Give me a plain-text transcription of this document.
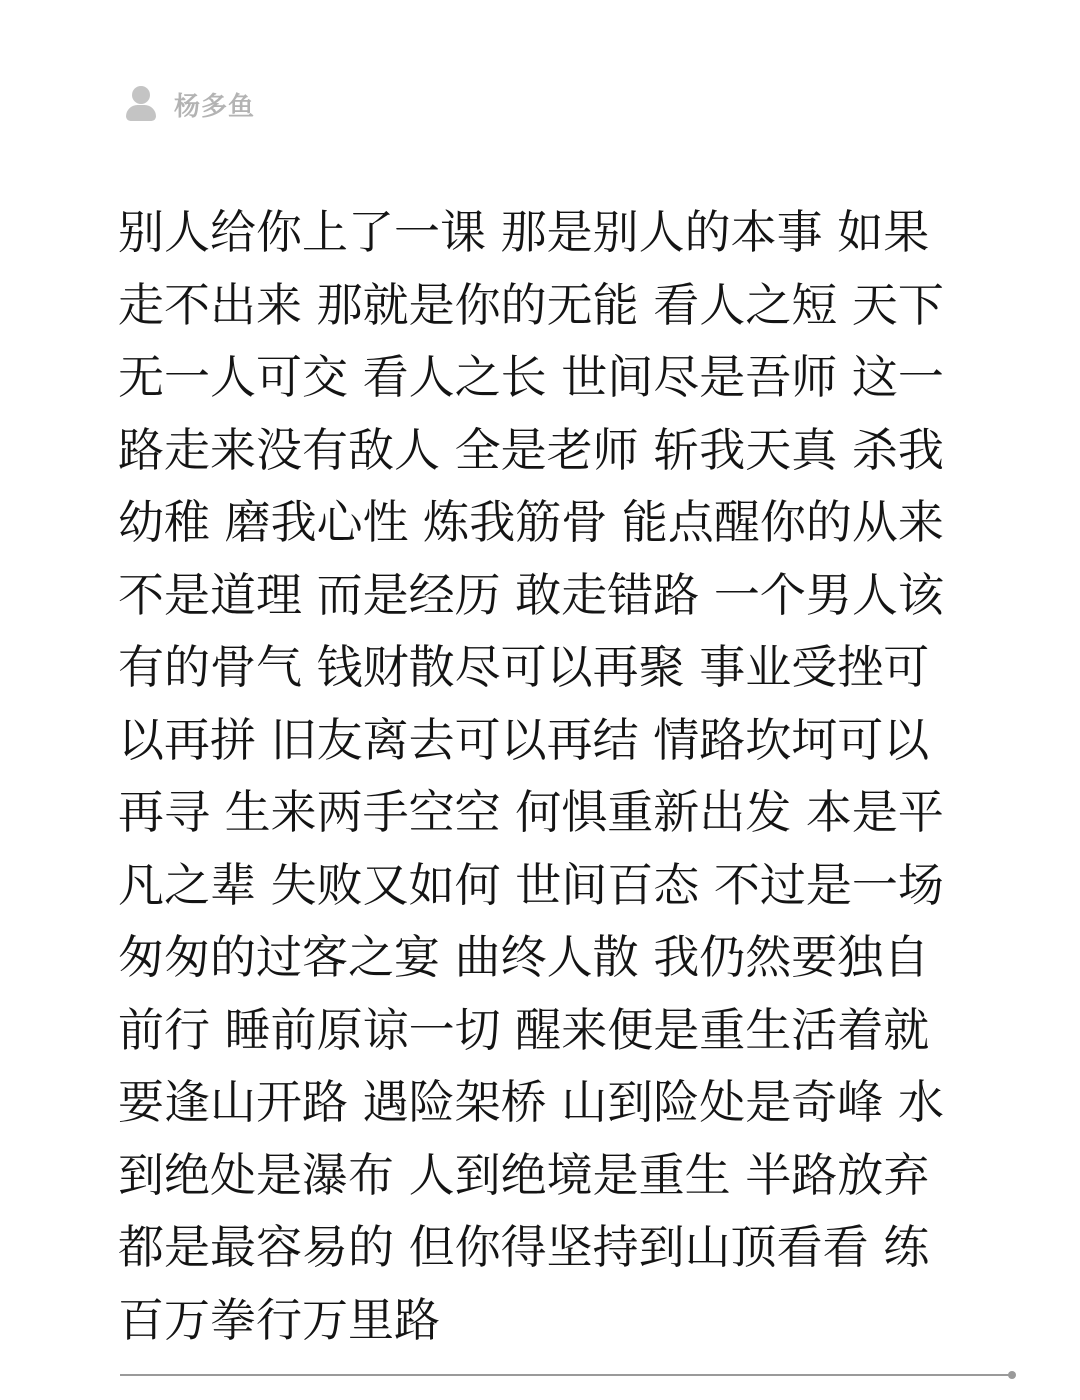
杨多鱼
别人给你上了一课 那是别人的本事 如果
走不出来 那就是你的无能 看人之短 天下
无一人可交 看人之长 世间尽是吾师 这一
路走来没有敌人 全是老师 斩我天真 杀我
幼稚 磨我心性 炼我筋骨 能点醒你的从来
不是道理 而是经历 敢走错路 一个男人该
有的骨气 钱财散尽可以再聚 事业受挫可
以再拼 旧友离去可以再结 情路坎坷可以
再寻 生来两手空空 何惧重新出发 本是平
凡之辈 失败又如何 世间百态 不过是一场
匆匆的过客之宴 曲终人散 我仍然要独自
前行 睡前原谅一切 醒来便是重生活着就
要逢山开路 遇险架桥 山到险处是奇峰 水
到绝处是瀑布 人到绝境是重生 半路放弃
都是最容易的 但你得坚持到山顶看看 练
百万拳行万里路
